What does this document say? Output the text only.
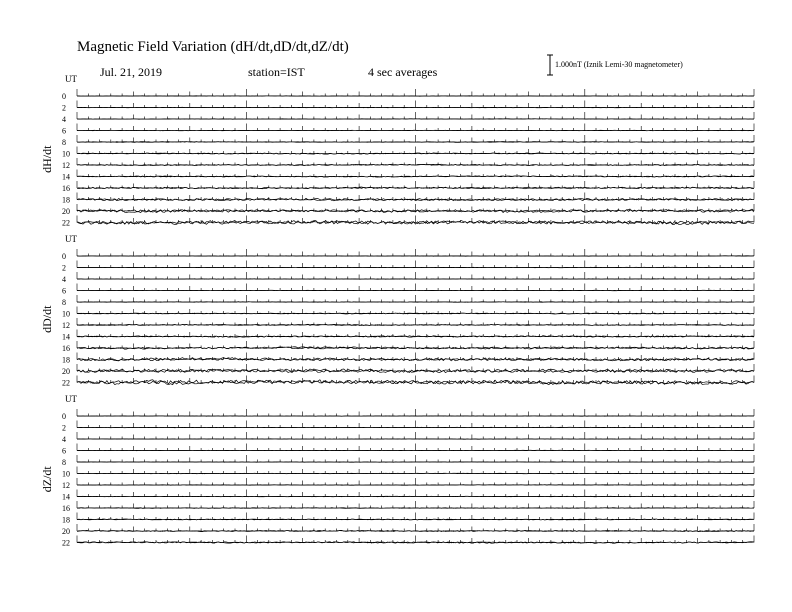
Magnetic Field Variation (dH/dt,dD/dt,dZ/dt)
Jul. 21, 2019	station=IST	4 sec averages
1.000nT (Iznik Lemi-30 magnetometer)
UT
dH/dt
0
2
4
6
8
10
12
14
16
18
20
22
UT
dD/dt
0
2
4
6
8
10
12
14
16
18
20
22
UT
dZ/dt
0
2
4
6
8
10
12
14
16
18
20
22
